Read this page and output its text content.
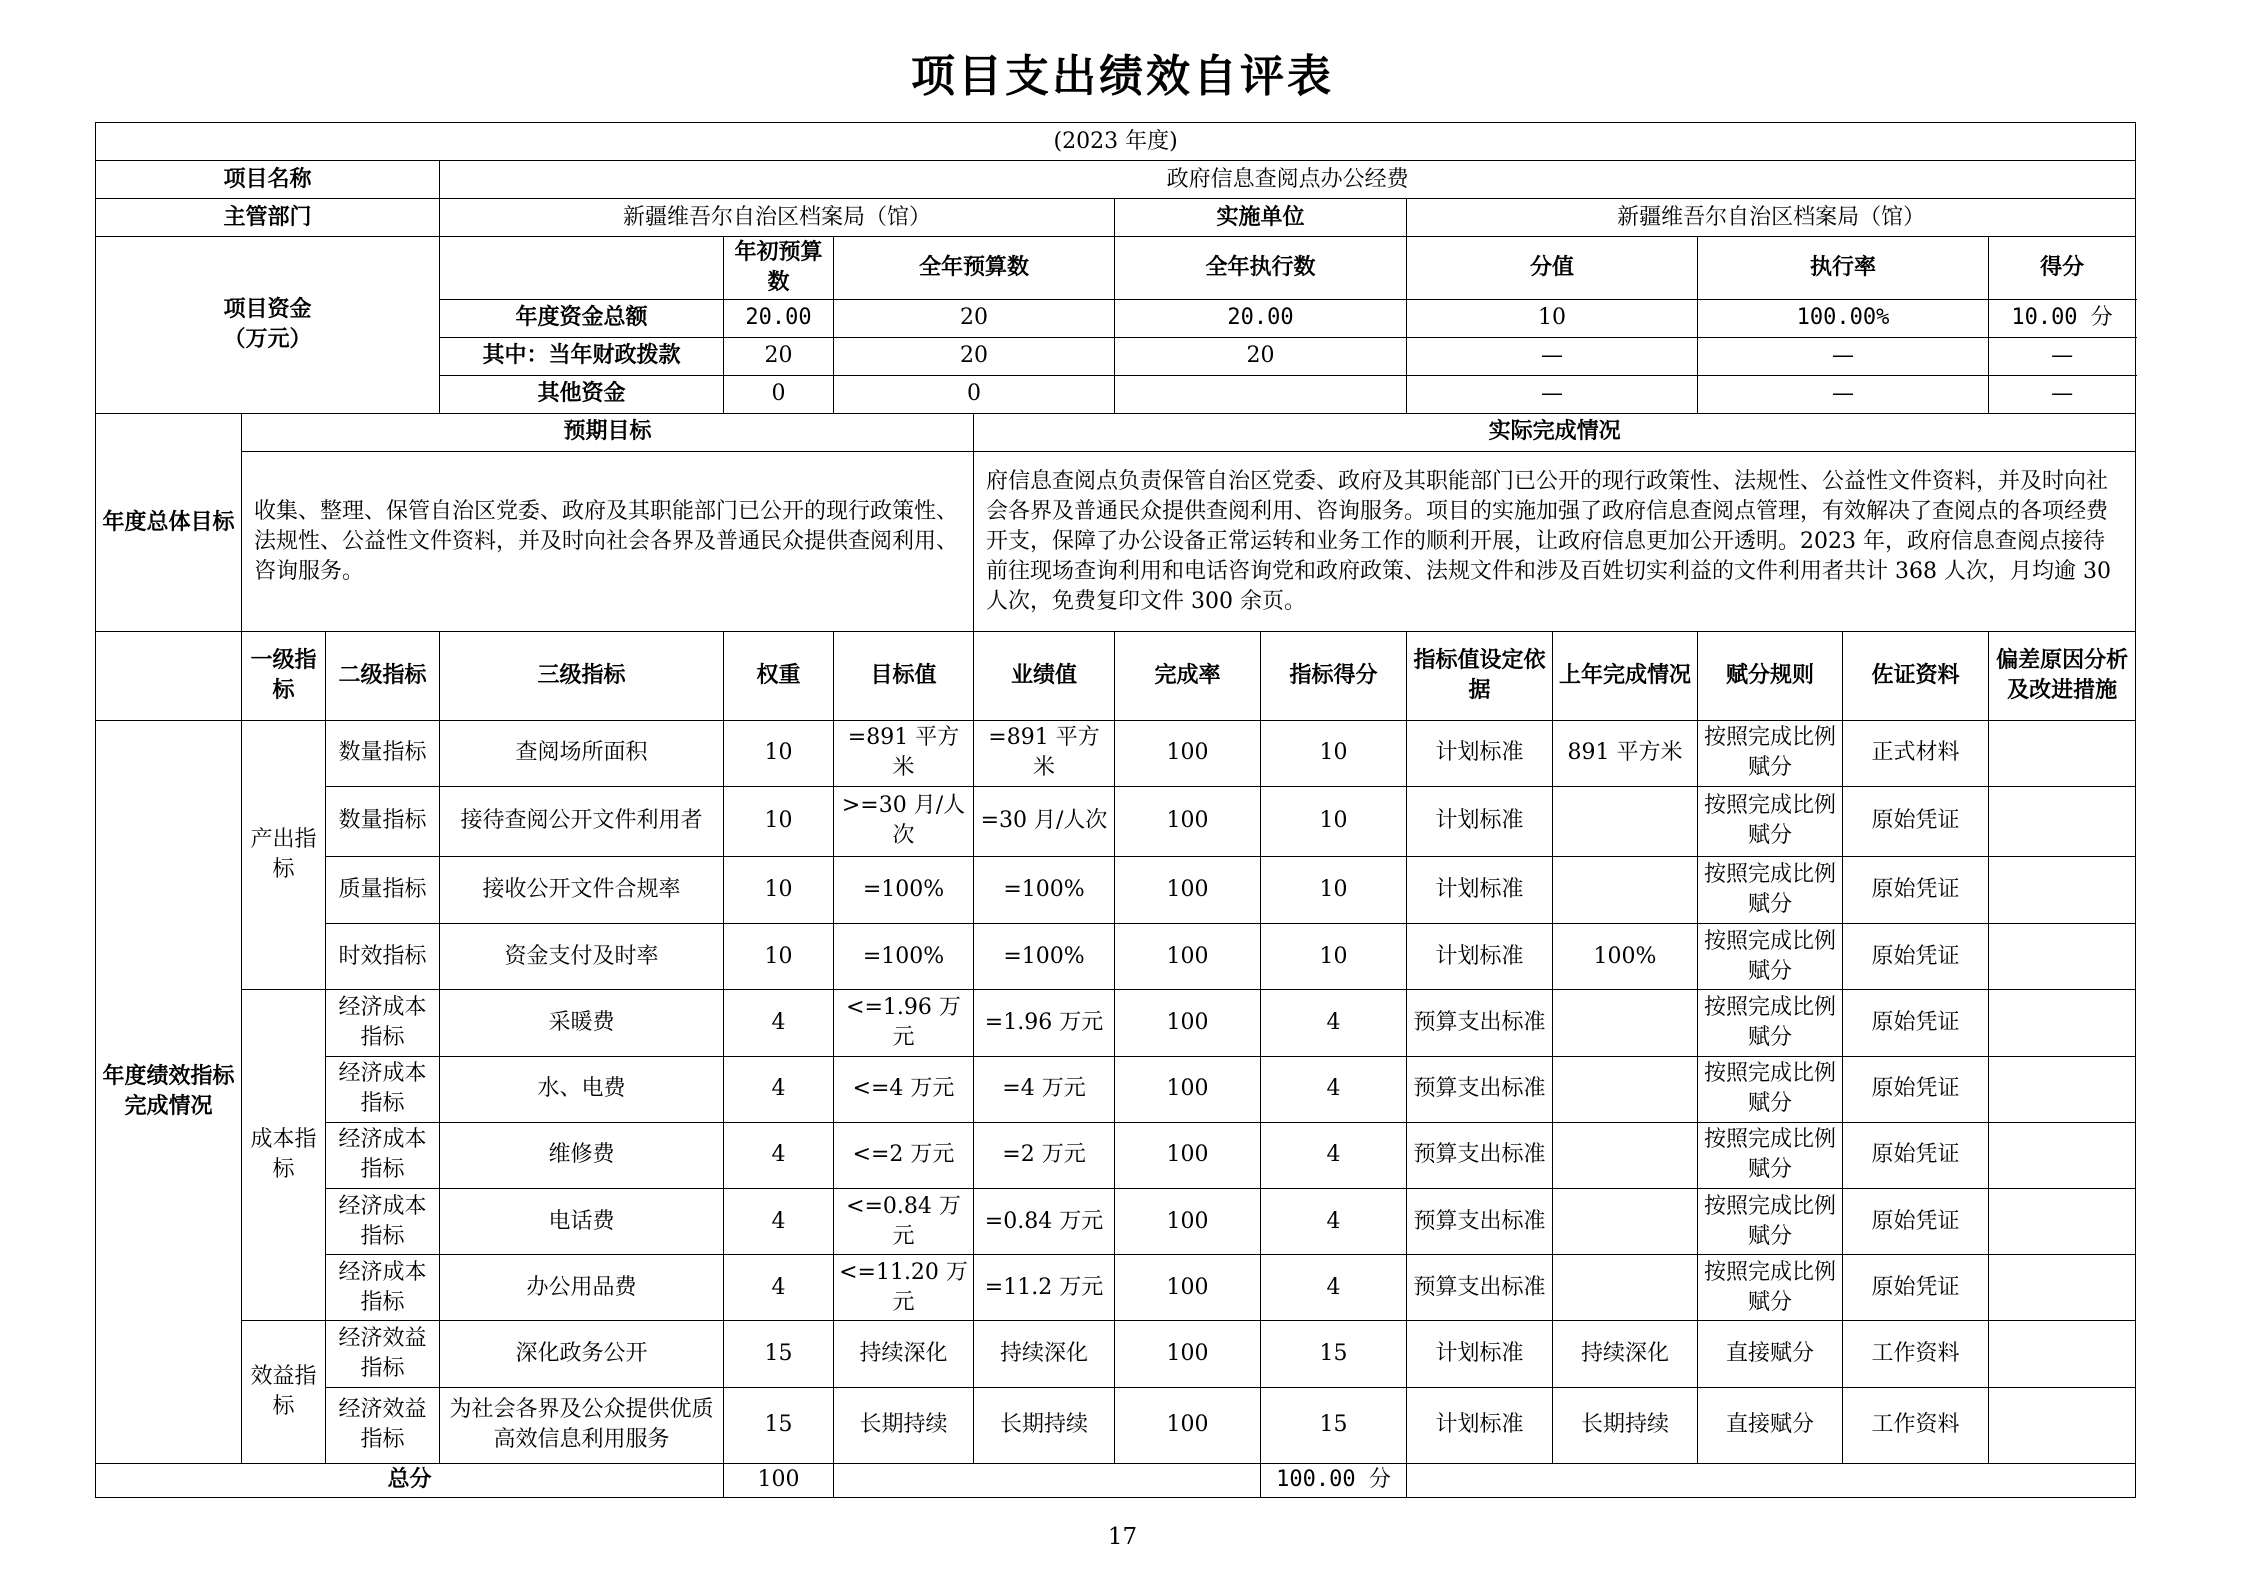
项目支出绩效自评表
(2023 年度)													
项目名称			政府信息查阅点办公经费										
主管部门			新疆维吾尔自治区档案局（馆）				实施单位		新疆维吾尔自治区档案局（馆）				

项目资金
（万元）				年初预算数	全年预算数		全年执行数		分值		执行率		得分
			年度资金总额	20.00	20		20.00		10		100.00%		10.00 分
			其中：当年财政拨款	20	20		20		—		—		—
			其他资金	0	0				—		—		—
年度总体目标	预期目标					实际完成情况							
	收集、整理、保管自治区党委、政府及其职能部门已公开的现行政策性、法规性、公益性文件资料，并及时向社会各界及普通民众提供查阅利用、咨询服务。					府信息查阅点负责保管自治区党委、政府及其职能部门已公开的现行政策性、法规性、公益性文件资料，并及时向社会各界及普通民众提供查阅利用、咨询服务。项目的实施加强了政府信息查阅点管理，有效解决了查阅点的各项经费开支，保障了办公设备正常运转和业务工作的顺利开展，让政府信息更加公开透明。2023 年，政府信息查阅点接待前往现场查询利用和电话咨询党和政府政策、法规文件和涉及百姓切实利益的文件利用者共计 368 人次，月均逾 30 人次，免费复印文件 300 余页。							
	一级指标	二级指标	三级指标	权重	目标值	业绩值	完成率	指标得分	指标值设定依据	上年完成情况	赋分规则	佐证资料	偏差原因分析及改进措施
年度绩效指标完成情况	产出指标	数量指标	查阅场所面积	10	=891 平方米	=891 平方米	100	10	计划标准	891 平方米	按照完成比例赋分	正式材料	
		数量指标	接待查阅公开文件利用者	10	>=30 月/人次	=30 月/人次	100	10	计划标准		按照完成比例赋分	原始凭证	
		质量指标	接收公开文件合规率	10	=100%	=100%	100	10	计划标准		按照完成比例赋分	原始凭证	
		时效指标	资金支付及时率	10	=100%	=100%	100	10	计划标准	100%	按照完成比例赋分	原始凭证	
	成本指标	经济成本指标	采暖费	4	<=1.96 万元	=1.96 万元	100	4	预算支出标准		按照完成比例赋分	原始凭证	
		经济成本指标	水、电费	4	<=4 万元	=4 万元	100	4	预算支出标准		按照完成比例赋分	原始凭证	
		经济成本指标	维修费	4	<=2 万元	=2 万元	100	4	预算支出标准		按照完成比例赋分	原始凭证	
		经济成本指标	电话费	4	<=0.84 万元	=0.84 万元	100	4	预算支出标准		按照完成比例赋分	原始凭证	
		经济成本指标	办公用品费	4	<=11.20 万元	=11.2 万元	100	4	预算支出标准		按照完成比例赋分	原始凭证	
	效益指标	经济效益指标	深化政务公开	15	持续深化	持续深化	100	15	计划标准	持续深化	直接赋分	工作资料	
		经济效益指标	为社会各界及公众提供优质高效信息利用服务	15	长期持续	长期持续	100	15	计划标准	长期持续	直接赋分	工作资料	
总分				100				100.00 分					
17
